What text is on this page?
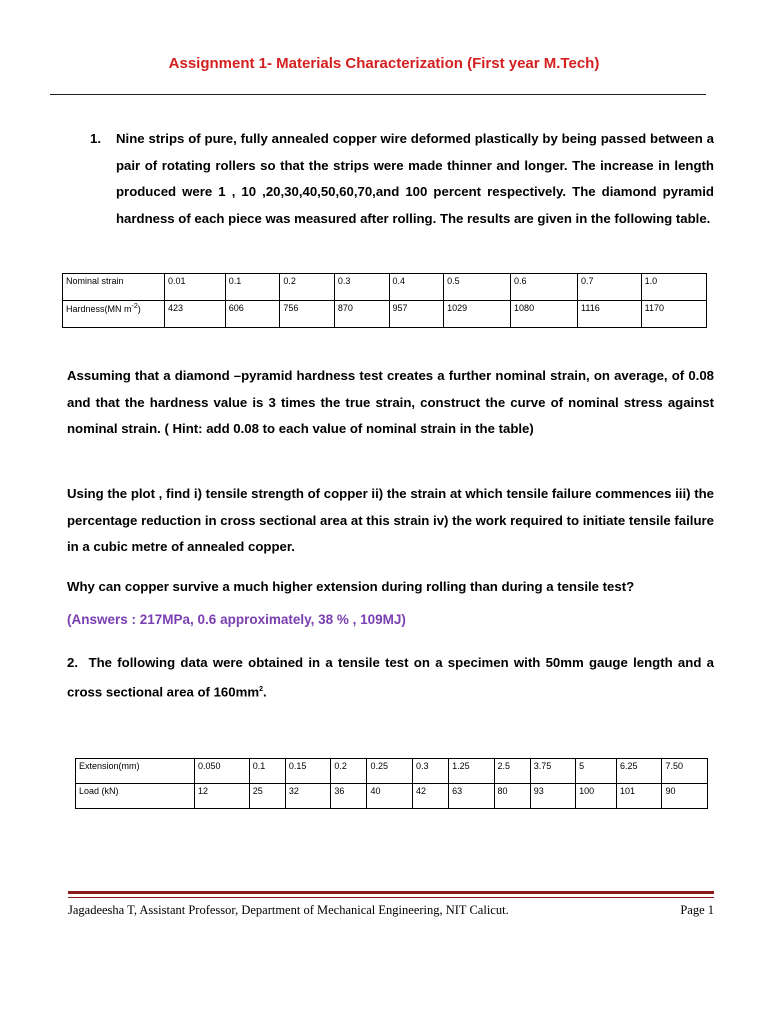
Assignment 1- Materials Characterization (First year M.Tech)
1. Nine strips of pure, fully annealed copper wire deformed plastically by being passed between a pair of rotating rollers so that the strips were made thinner and longer. The increase in length produced were 1 , 10 ,20,30,40,50,60,70,and 100 percent respectively. The diamond pyramid hardness of each piece was measured after rolling. The results are given in the following table.
Nominal strain	0.01	0.1	0.2	0.3	0.4	0.5	0.6	0.7	1.0
Hardness(MN $m^{-2}$)	423	606	756	870	957	1029	1080	1116	1170
Assuming that a diamond –pyramid hardness test creates a further nominal strain, on average, of 0.08 and that the hardness value is 3 times the true strain, construct the curve of nominal stress against nominal strain. ( Hint: add 0.08 to each value of nominal strain in the table)
Using the plot , find i) tensile strength of copper ii) the strain at which tensile failure commences iii) the percentage reduction in cross sectional area at this strain iv) the work required to initiate tensile failure in a cubic metre of annealed copper.
Why can copper survive a much higher extension during rolling than during a tensile test?
(Answers : 217MPa, 0.6 approximately, 38 % , 109MJ)
2. The following data were obtained in a tensile test on a specimen with 50mm gauge length and a cross sectional area of $160mm^2$.
Extension(mm)	0.050	0.1	0.15	0.2	0.25	0.3	1.25	2.5	3.75	5	6.25	7.50
Load (kN)	12	25	32	36	40	42	63	80	93	100	101	90
Jagadeesha T, Assistant Professor, Department of Mechanical Engineering, NIT Calicut.	Page 1
